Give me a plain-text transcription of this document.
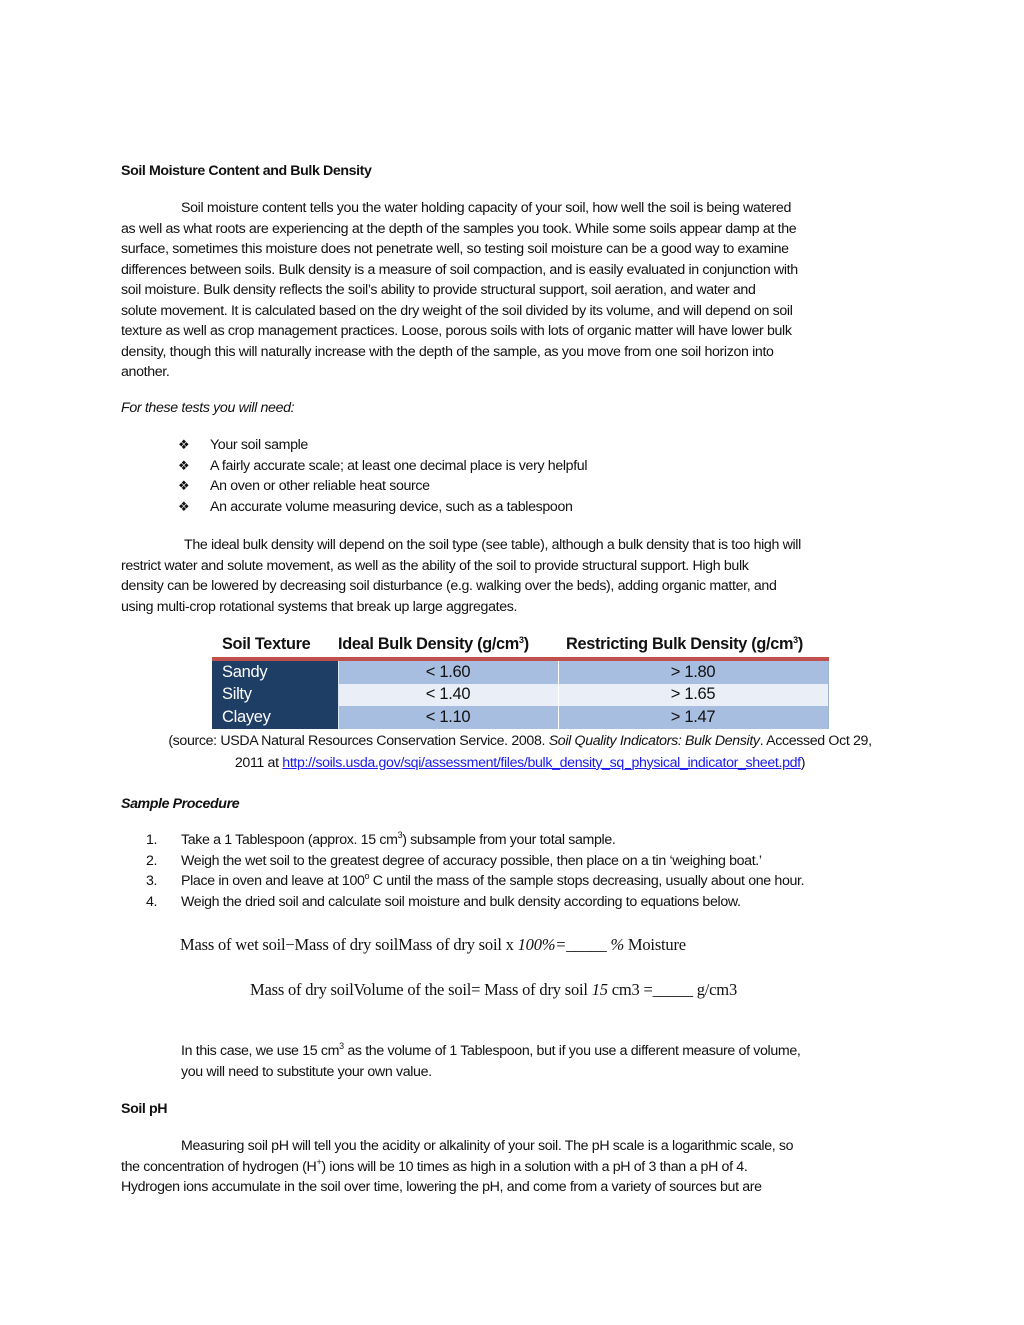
Soil Moisture Content and Bulk Density
Soil moisture content tells you the water holding capacity of your soil, how well the soil is being watered
as well as what roots are experiencing at the depth of the samples you took. While some soils appear damp at the
surface, sometimes this moisture does not penetrate well, so testing soil moisture can be a good way to examine
differences between soils. Bulk density is a measure of soil compaction, and is easily evaluated in conjunction with
soil moisture. Bulk density reflects the soil’s ability to provide structural support, soil aeration, and water and
solute movement. It is calculated based on the dry weight of the soil divided by its volume, and will depend on soil
texture as well as crop management practices. Loose, porous soils with lots of organic matter will have lower bulk
density, though this will naturally increase with the depth of the sample, as you move from one soil horizon into
another.
For these tests you will need:
❖	Your soil sample
❖	A fairly accurate scale; at least one decimal place is very helpful
❖	An oven or other reliable heat source
❖	An accurate volume measuring device, such as a tablespoon
The ideal bulk density will depend on the soil type (see table), although a bulk density that is too high will
restrict water and solute movement, as well as the ability of the soil to provide structural support. High bulk
density can be lowered by decreasing soil disturbance (e.g. walking over the beds), adding organic matter, and
using multi-crop rotational systems that break up large aggregates.
Soil Texture	Ideal Bulk Density $(g/cm^3)$	Restricting Bulk Density $(g/cm^3)$
Sandy	< 1.60	> 1.80
Silty	< 1.40	> 1.65
Clayey	< 1.10	> 1.47
(source: USDA Natural Resources Conservation Service. 2008. Soil Quality Indicators: Bulk Density. Accessed Oct 29,
2011 at http://soils.usda.gov/sqi/assessment/files/bulk_density_sq_physical_indicator_sheet.pdf)
Sample Procedure
1.	Take a 1 Tablespoon (approx. 15 $cm^3$) subsample from your total sample.
2.	Weigh the wet soil to the greatest degree of accuracy possible, then place on a tin ‘weighing boat.’
3.	Place in oven and leave at 100$^o$ C until the mass of the sample stops decreasing, usually about one hour.
4.	Weigh the dried soil and calculate soil moisture and bulk density according to equations below.
Mass of wet soil−Mass of dry soilMass of dry soil x 100%=_____ % Moisture
Mass of dry soilVolume of the soil= Mass of dry soil 15 cm3 =_____ g/cm3
In this case, we use 15 $cm^3$ as the volume of 1 Tablespoon, but if you use a different measure of volume,
you will need to substitute your own value.
Soil pH
Measuring soil pH will tell you the acidity or alkalinity of your soil. The pH scale is a logarithmic scale, so
the concentration of hydrogen (H+) ions will be 10 times as high in a solution with a pH of 3 than a pH of 4.
Hydrogen ions accumulate in the soil over time, lowering the pH, and come from a variety of sources but are
